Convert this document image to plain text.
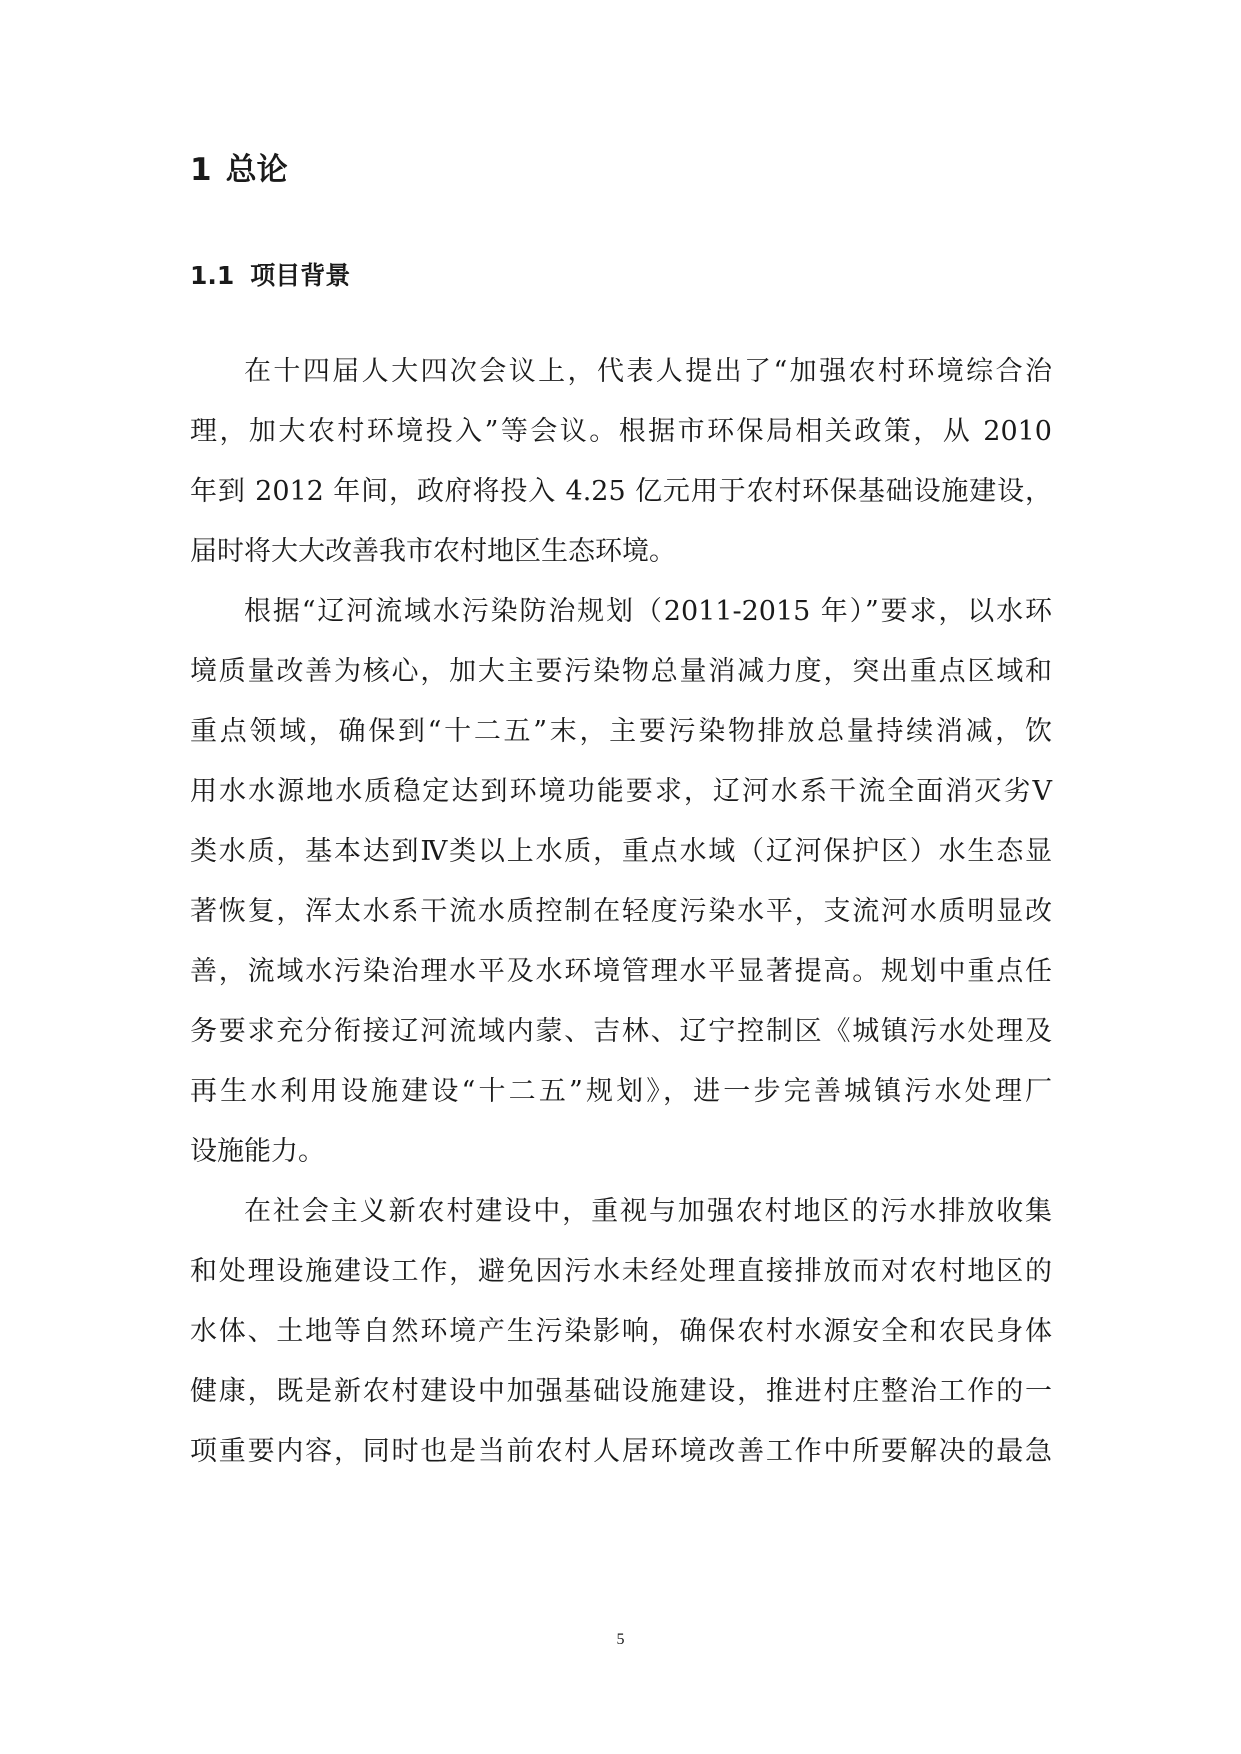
1 总论
1.1 项目背景
在十四届人大四次会议上，代表人提出了“加强农村环境综合治
理，加大农村环境投入”等会议。根据市环保局相关政策，从 2010
年到 2012 年间，政府将投入 4.25 亿元用于农村环保基础设施建设，
届时将大大改善我市农村地区生态环境。
根据“辽河流域水污染防治规划（2011-2015 年）”要求，以水环
境质量改善为核心，加大主要污染物总量消减力度，突出重点区域和
重点领域，确保到“十二五”末，主要污染物排放总量持续消减，饮
用水水源地水质稳定达到环境功能要求，辽河水系干流全面消灭劣Ⅴ
类水质，基本达到Ⅳ类以上水质，重点水域（辽河保护区）水生态显
著恢复，浑太水系干流水质控制在轻度污染水平，支流河水质明显改
善，流域水污染治理水平及水环境管理水平显著提高。规划中重点任
务要求充分衔接辽河流域内蒙、吉林、辽宁控制区《城镇污水处理及
再生水利用设施建设“十二五”规划》，进一步完善城镇污水处理厂
设施能力。
在社会主义新农村建设中，重视与加强农村地区的污水排放收集
和处理设施建设工作，避免因污水未经处理直接排放而对农村地区的
水体、土地等自然环境产生污染影响，确保农村水源安全和农民身体
健康，既是新农村建设中加强基础设施建设，推进村庄整治工作的一
项重要内容，同时也是当前农村人居环境改善工作中所要解决的最急
5
